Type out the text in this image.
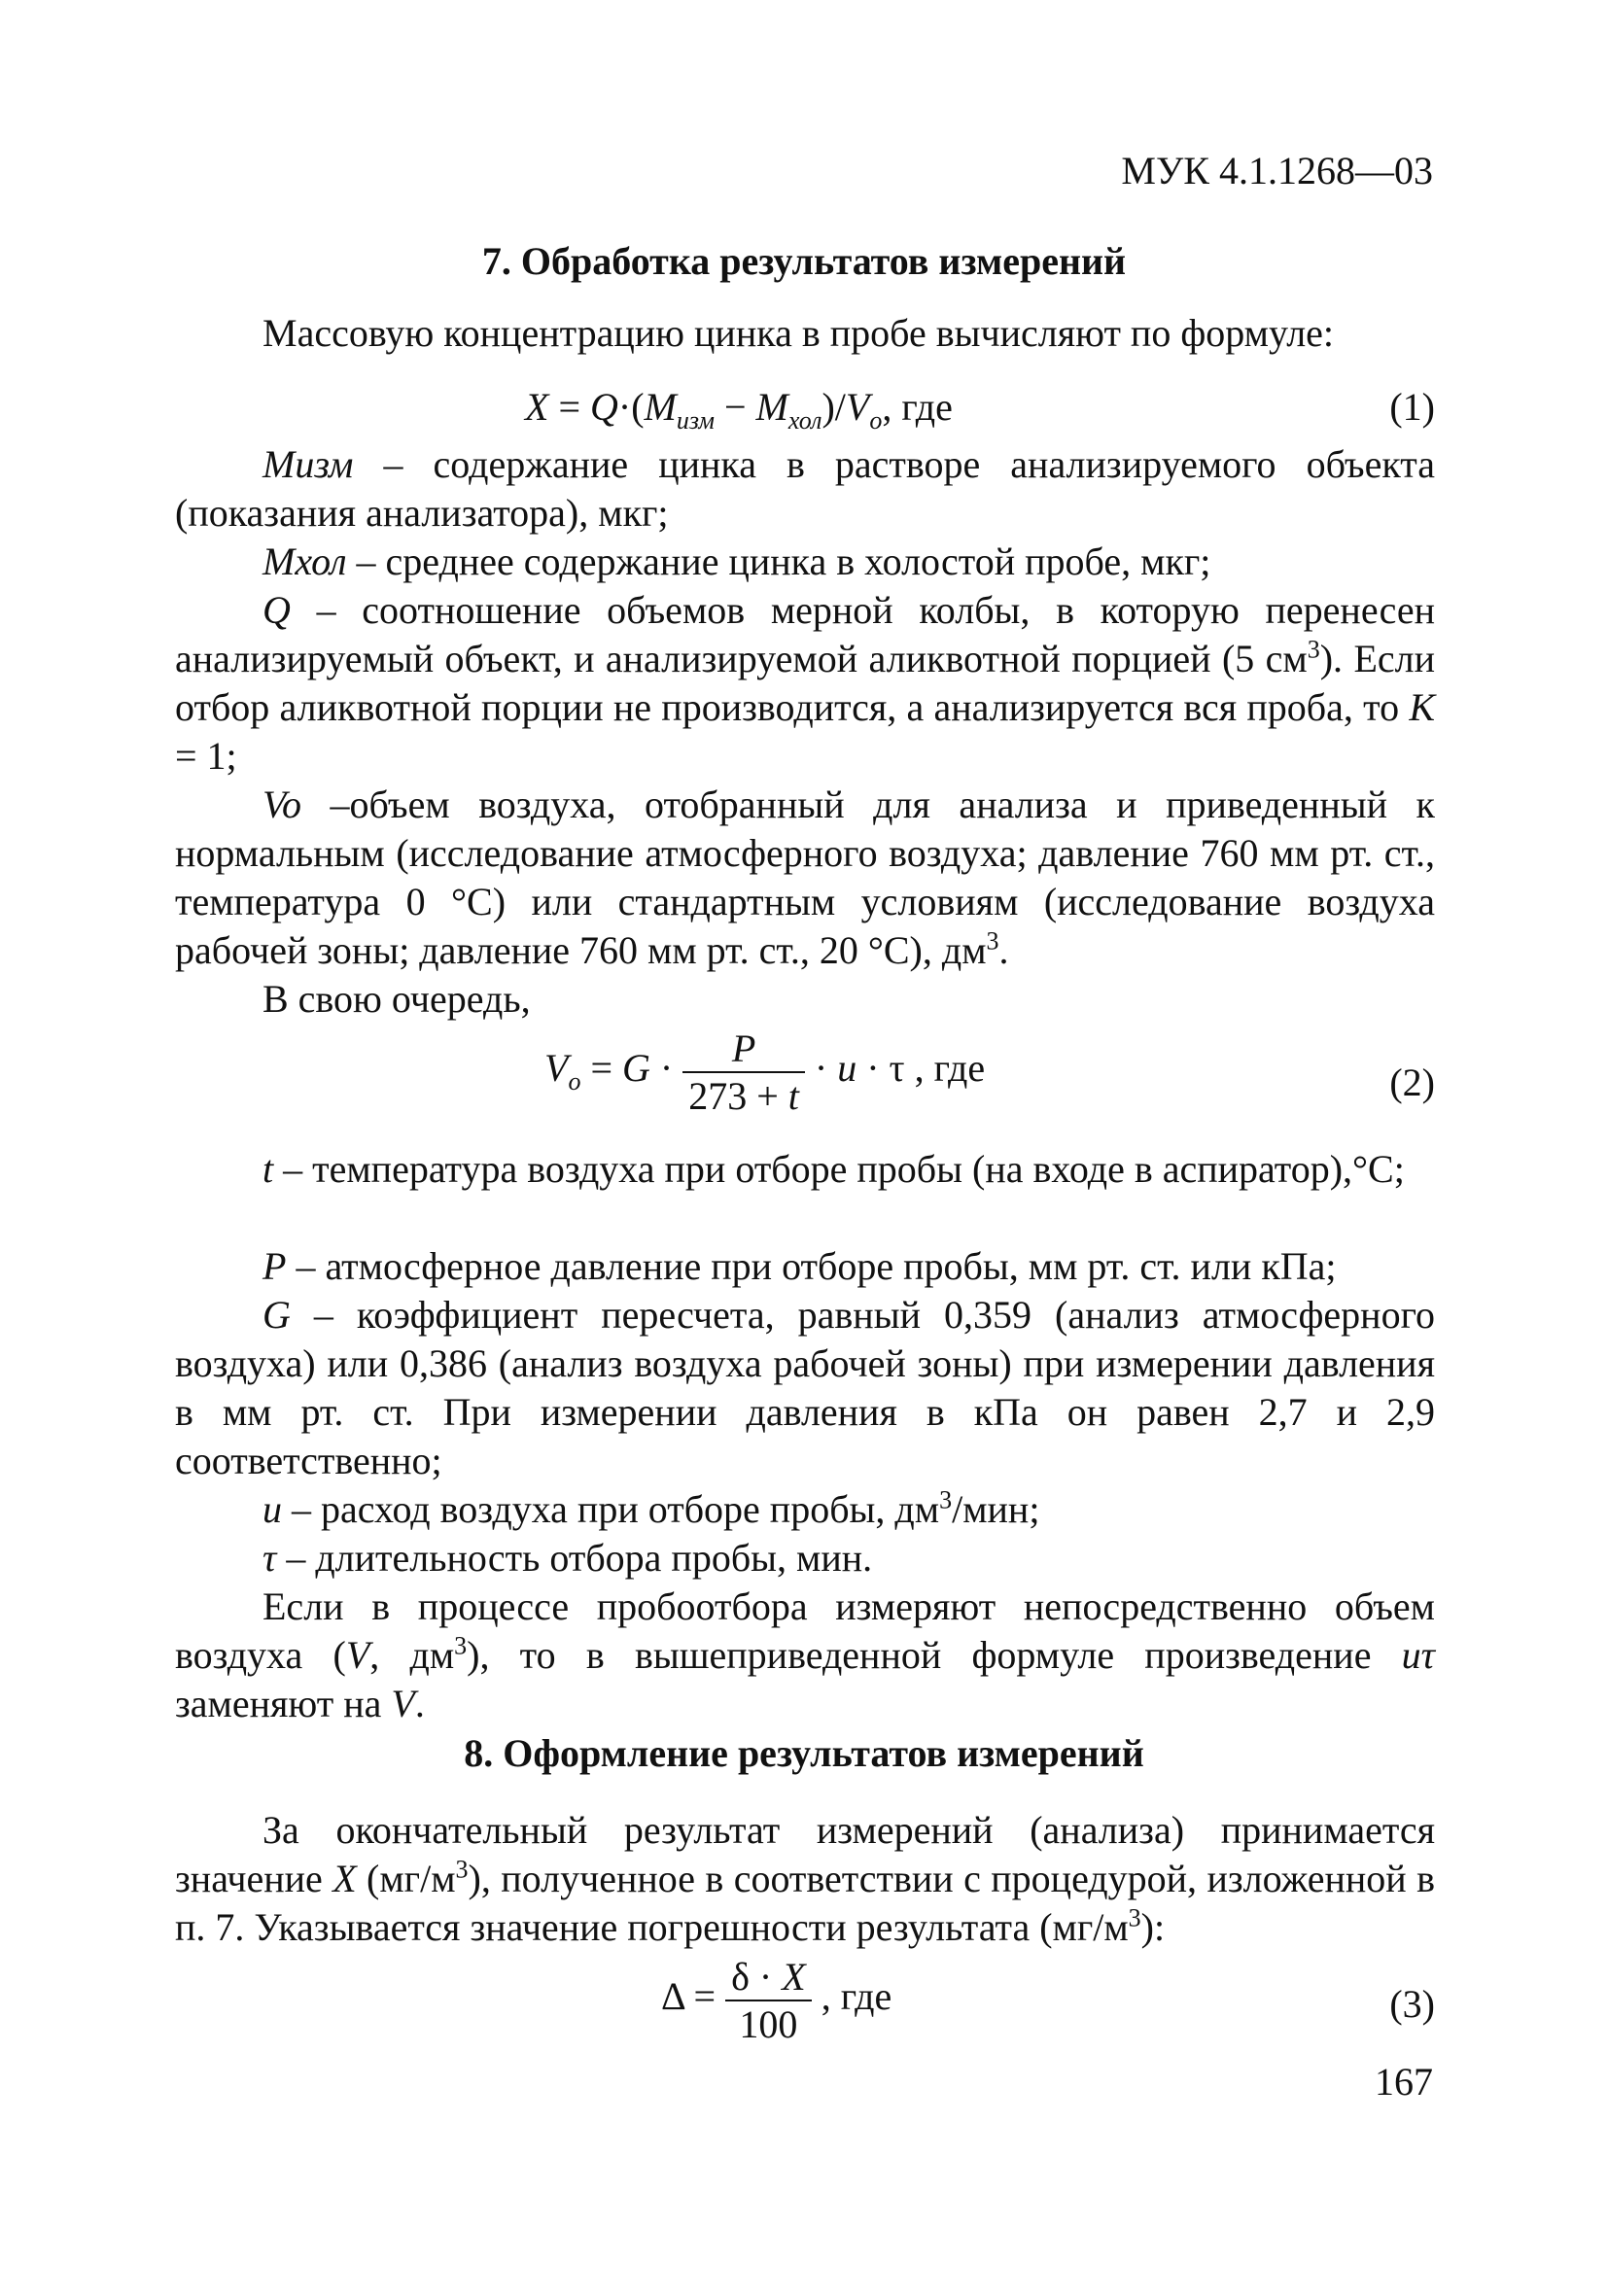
МУК 4.1.1268—03
7. Обработка результатов измерений
Массовую концентрацию цинка в пробе вычисляют по формуле:
$X = Q\cdot(M_{изм} - M_{хол})/V_o$, где	(1)
Mизм – содержание цинка в растворе анализируемого объекта (показания анализатора), мкг;
Mхол – среднее содержание цинка в холостой пробе, мкг;
Q – соотношение объемов мерной колбы, в которую перенесен анализируемый объект, и анализируемой аликвотной порцией (5 $см^3$). Если отбор аликвотной порции не производится, а анализируется вся проба, то K = 1;
Vo –объем воздуха, отобранный для анализа и приведенный к нормальным (исследование атмосферного воздуха; давление 760 мм рт. ст., температура 0 °С) или стандартным условиям (исследование воздуха рабочей зоны; давление 760 мм рт. ст., 20 °С), $дм^3$.
В свою очередь,
$V_o = G \cdot \frac{P}{273 + t} \cdot u \cdot \tau$ , где	(2)
t – температура воздуха при отборе пробы (на входе в аспиратор),°С;
P – атмосферное давление при отборе пробы, мм рт. ст. или кПа;
G – коэффициент пересчета, равный 0,359 (анализ атмосферного воздуха) или 0,386 (анализ воздуха рабочей зоны) при измерении давления в мм рт. ст. При измерении давления в кПа он равен 2,7 и 2,9 соответственно;
u – расход воздуха при отборе пробы, $дм^3$/мин;
τ – длительность отбора пробы, мин.
Если в процессе пробоотбора измеряют непосредственно объем воздуха (V, $дм^3$), то в вышеприведенной формуле произведение uτ заменяют на V.
8. Оформление результатов измерений
За окончательный результат измерений (анализа) принимается значение X $(мг/м^3)$, полученное в соответствии с процедурой, изложенной в п. 7. Указывается значение погрешности результата $(мг/м^3)$:
$\Delta = \frac{\delta \cdot X}{100}$ , где	(3)
167
